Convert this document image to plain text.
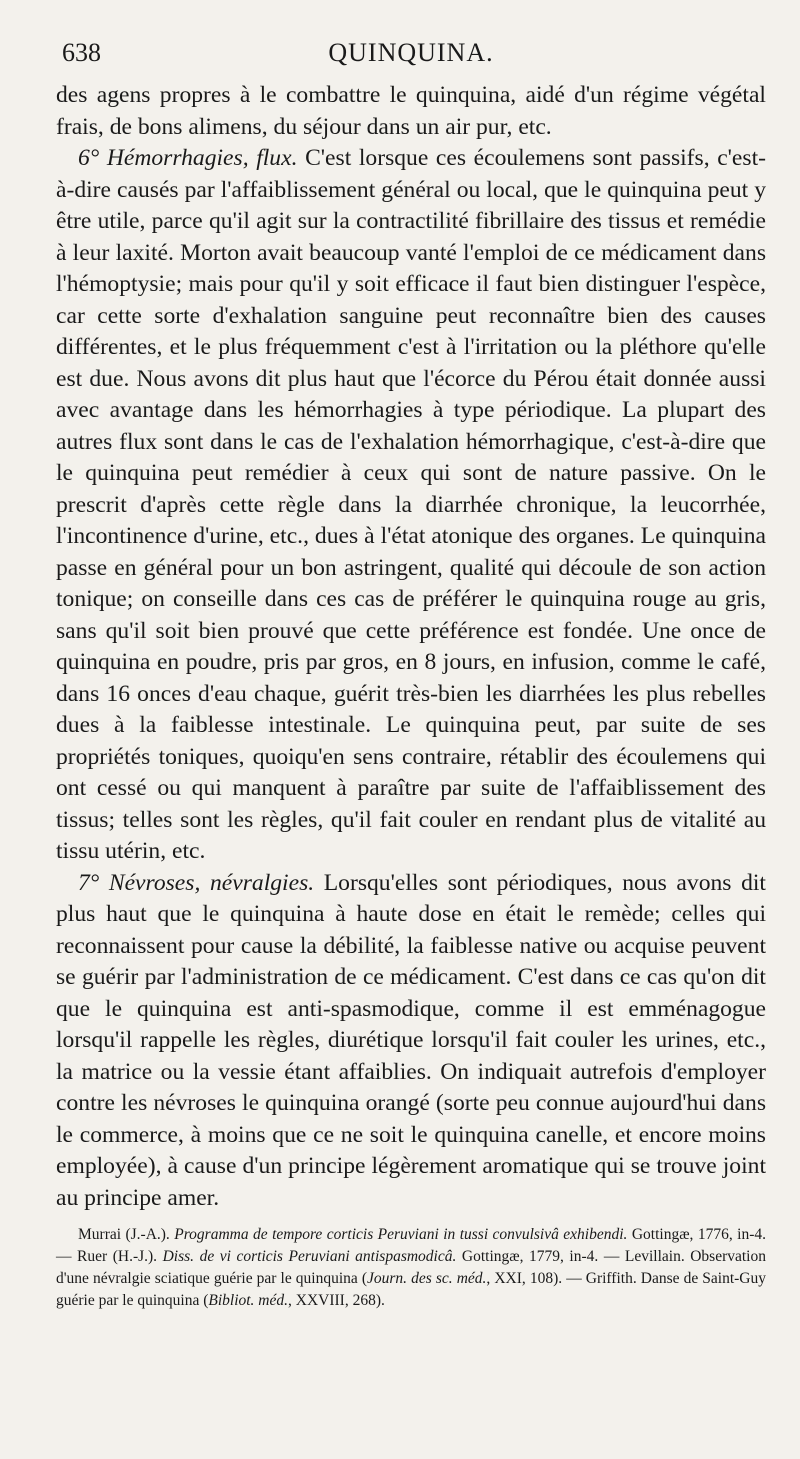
638	QUINQUINA.

des agens propres à le combattre le quinquina, aidé d'un régime végétal frais, de bons alimens, du séjour dans un air pur, etc.

6° Hémorrhagies, flux. C'est lorsque ces écoulemens sont passifs, c'est-à-dire causés par l'affaiblissement général ou local, que le quinquina peut y être utile, parce qu'il agit sur la contractilité fibrillaire des tissus et remédie à leur laxité. Morton avait beaucoup vanté l'emploi de ce médicament dans l'hémoptysie; mais pour qu'il y soit efficace il faut bien distinguer l'espèce, car cette sorte d'exhalation sanguine peut reconnaître bien des causes différentes, et le plus fréquemment c'est à l'irritation ou la pléthore qu'elle est due. Nous avons dit plus haut que l'écorce du Pérou était donnée aussi avec avantage dans les hémorrhagies à type périodique. La plupart des autres flux sont dans le cas de l'exhalation hémorrhagique, c'est-à-dire que le quinquina peut remédier à ceux qui sont de nature passive. On le prescrit d'après cette règle dans la diarrhée chronique, la leucorrhée, l'incontinence d'urine, etc., dues à l'état atonique des organes. Le quinquina passe en général pour un bon astringent, qualité qui découle de son action tonique; on conseille dans ces cas de préférer le quinquina rouge au gris, sans qu'il soit bien prouvé que cette préférence est fondée. Une once de quinquina en poudre, pris par gros, en 8 jours, en infusion, comme le café, dans 16 onces d'eau chaque, guérit très-bien les diarrhées les plus rebelles dues à la faiblesse intestinale. Le quinquina peut, par suite de ses propriétés toniques, quoiqu'en sens contraire, rétablir des écoulemens qui ont cessé ou qui manquent à paraître par suite de l'affaiblissement des tissus; telles sont les règles, qu'il fait couler en rendant plus de vitalité au tissu utérin, etc.

7° Névroses, névralgies. Lorsqu'elles sont périodiques, nous avons dit plus haut que le quinquina à haute dose en était le remède; celles qui reconnaissent pour cause la débilité, la faiblesse native ou acquise peuvent se guérir par l'administration de ce médicament. C'est dans ce cas qu'on dit que le quinquina est anti-spasmodique, comme il est emménagogue lorsqu'il rappelle les règles, diurétique lorsqu'il fait couler les urines, etc., la matrice ou la vessie étant affaiblies. On indiquait autrefois d'employer contre les névroses le quinquina orangé (sorte peu connue aujourd'hui dans le commerce, à moins que ce ne soit le quinquina canelle, et encore moins employée), à cause d'un principe légèrement aromatique qui se trouve joint au principe amer.

Murrai (J.-A.). Programma de tempore corticis Peruviani in tussi convulsivâ exhibendi. Gottingæ, 1776, in-4. — Ruer (H.-J.). Diss. de vi corticis Peruviani antispasmodicâ. Gottingæ, 1779, in-4. — Levillain. Observation d'une névralgie sciatique guérie par le quinquina (Journ. des sc. méd., XXI, 108). — Griffith. Danse de Saint-Guy guérie par le quinquina (Bibliot. méd., XXVIII, 268).
